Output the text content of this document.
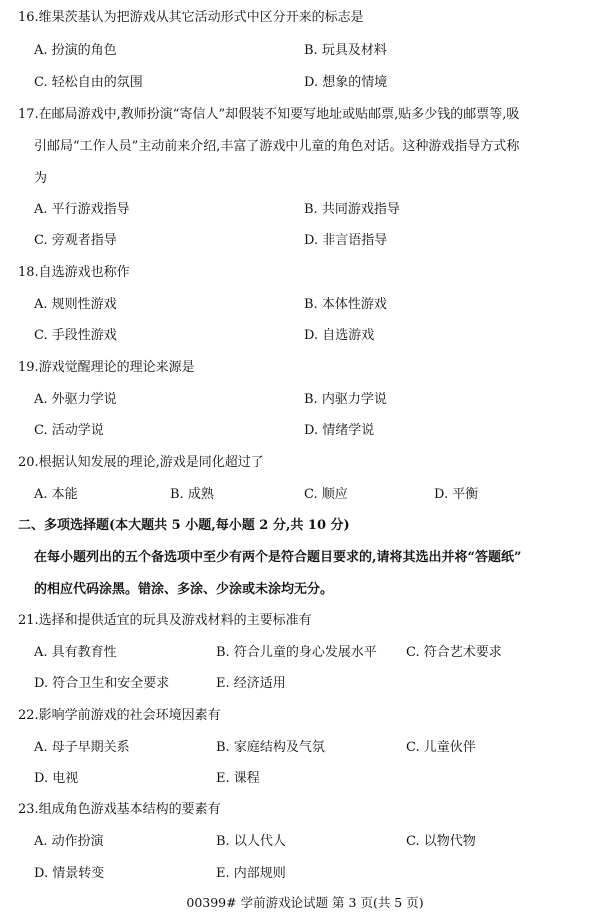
16.维果茨基认为把游戏从其它活动形式中区分开来的标志是
A. 扮演的角色	B. 玩具及材料
C. 轻松自由的氛围	D. 想象的情境
17.在邮局游戏中,教师扮演“寄信人”却假装不知要写地址或贴邮票,贴多少钱的邮票等,吸
引邮局“工作人员”主动前来介绍,丰富了游戏中儿童的角色对话。这种游戏指导方式称
为
A. 平行游戏指导	B. 共同游戏指导
C. 旁观者指导	D. 非言语指导
18.自选游戏也称作
A. 规则性游戏	B. 本体性游戏
C. 手段性游戏	D. 自选游戏
19.游戏觉醒理论的理论来源是
A. 外驱力学说	B. 内驱力学说
C. 活动学说	D. 情绪学说
20.根据认知发展的理论,游戏是同化超过了
A. 本能	B. 成熟	C. 顺应	D. 平衡
二、多项选择题(本大题共 5 小题,每小题 2 分,共 10 分)
在每小题列出的五个备选项中至少有两个是符合题目要求的,请将其选出并将“答题纸”
的相应代码涂黑。错涂、多涂、少涂或未涂均无分。
21.选择和提供适宜的玩具及游戏材料的主要标准有
A. 具有教育性	B. 符合儿童的身心发展水平 C. 符合艺术要求
D. 符合卫生和安全要求	E. 经济适用
22.影响学前游戏的社会环境因素有
A. 母子早期关系	B. 家庭结构及气氛	C. 儿童伙伴
D. 电视	E. 课程
23.组成角色游戏基本结构的要素有
A. 动作扮演	B. 以人代人	C. 以物代物
D. 情景转变	E. 内部规则
00399# 学前游戏论试题 第 3 页(共 5 页)
